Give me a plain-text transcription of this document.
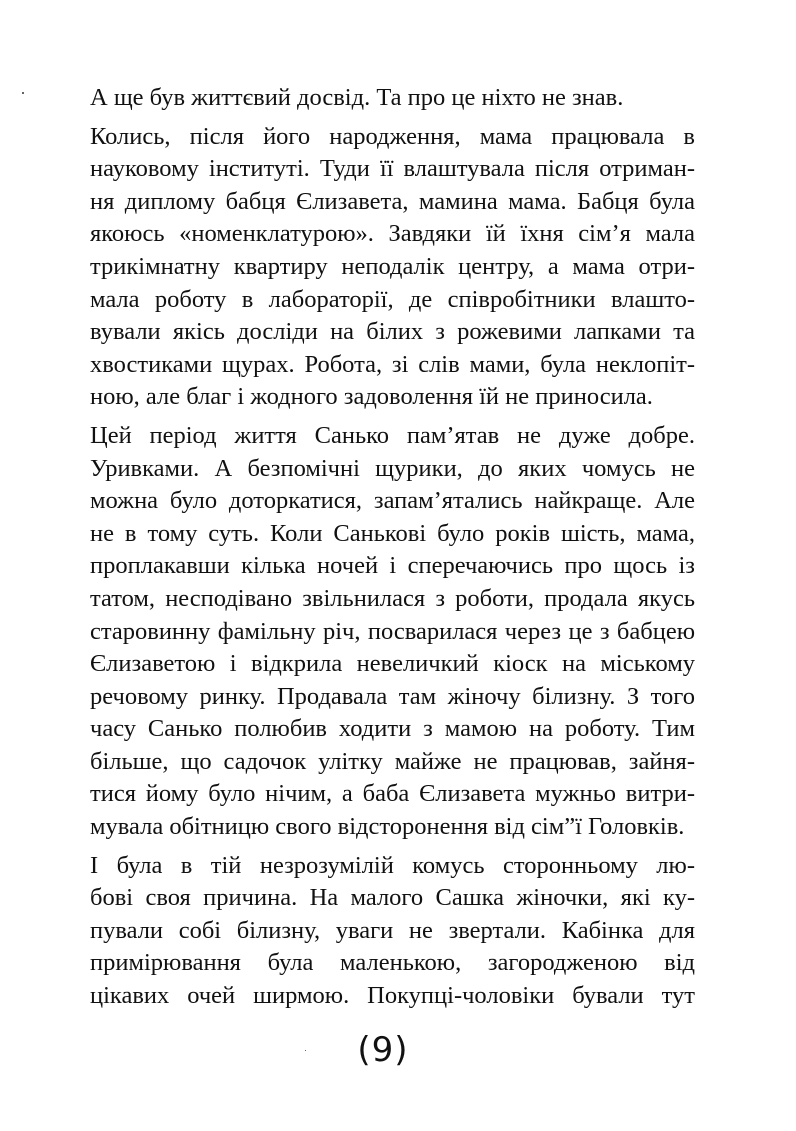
А ще був життєвий досвід. Та про це ніхто не знав.
Колись, після його народження, мама працювала в
науковому інституті. Туди її влаштувала після отриман-
ня диплому бабця Єлизавета, мамина мама. Бабця була
якоюсь «номенклатурою». Завдяки їй їхня сім’я мала
трикімнатну квартиру неподалік центру, а мама отри-
мала роботу в лабораторії, де співробітники влашто-
вували якісь досліди на білих з рожевими лапками та
хвостиками щурах. Робота, зі слів мами, була неклопіт-
ною, але благ і жодного задоволення їй не приносила.
Цей період життя Санько пам’ятав не дуже добре.
Уривками. А безпомічні щурики, до яких чомусь не
можна було доторкатися, запам’ятались найкраще. Але
не в тому суть. Коли Санькові було років шість, мама,
проплакавши кілька ночей і сперечаючись про щось із
татом, несподівано звільнилася з роботи, продала якусь
старовинну фамільну річ, посварилася через це з бабцею
Єлизаветою і відкрила невеличкий кіоск на міському
речовому ринку. Продавала там жіночу білизну. З того
часу Санько полюбив ходити з мамою на роботу. Тим
більше, що садочок улітку майже не працював, зайня-
тися йому було нічим, а баба Єлизавета мужньо витри-
мувала обітницю свого відсторонення від сім”ї Головків.
І була в тій незрозумілій комусь сторонньому лю-
бові своя причина. На малого Сашка жіночки, які ку-
пували собі білизну, уваги не звертали. Кабінка для
примірювання була маленькою, загородженою від
цікавих очей ширмою. Покупці-чоловіки бували тут
(9)
